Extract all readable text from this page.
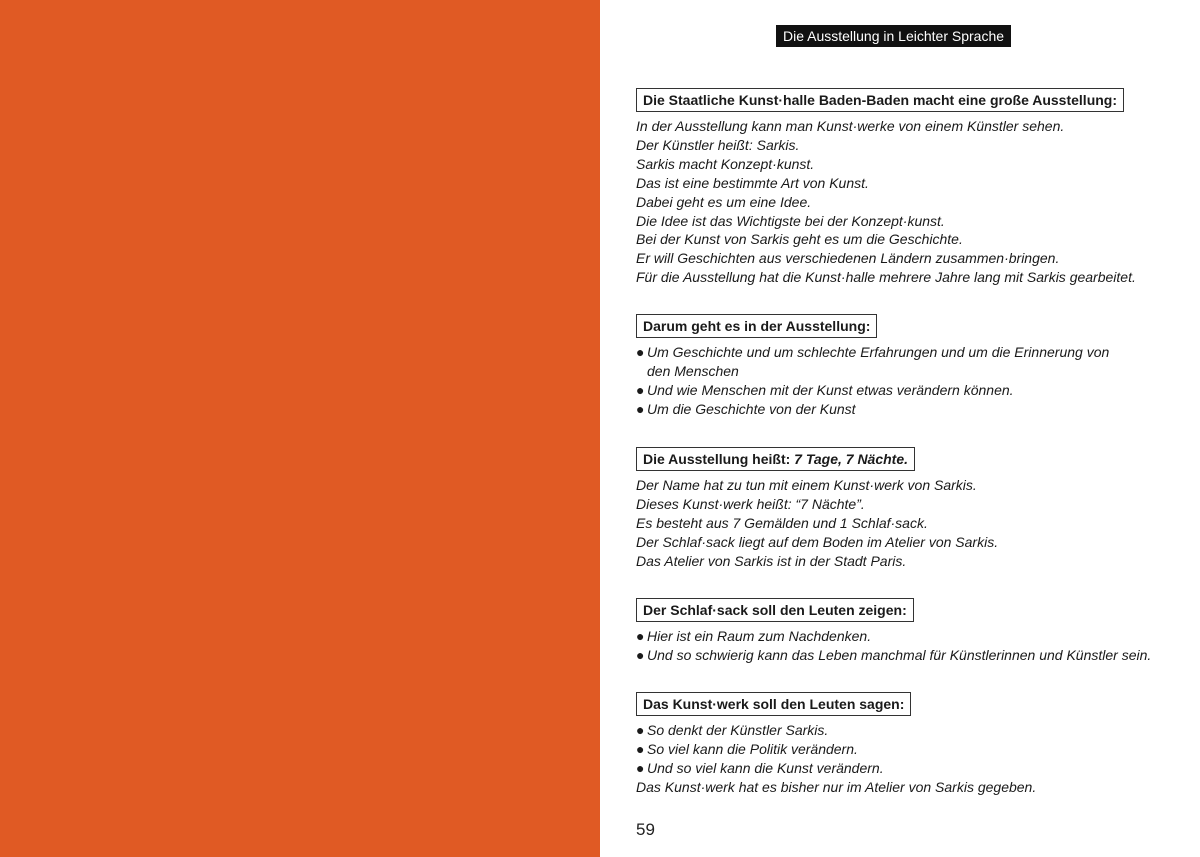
Die Ausstellung in Leichter Sprache
Die Staatliche Kunst·halle Baden-Baden macht eine große Ausstellung:
In der Ausstellung kann man Kunst·werke von einem Künstler sehen.
Der Künstler heißt: Sarkis.
Sarkis macht Konzept·kunst.
Das ist eine bestimmte Art von Kunst.
Dabei geht es um eine Idee.
Die Idee ist das Wichtigste bei der Konzept·kunst.
Bei der Kunst von Sarkis geht es um die Geschichte.
Er will Geschichten aus verschiedenen Ländern zusammen·bringen.
Für die Ausstellung hat die Kunst·halle mehrere Jahre lang mit Sarkis gearbeitet.
Darum geht es in der Ausstellung:
● Um Geschichte und um schlechte Erfahrungen und um die Erinnerung von
den Menschen
● Und wie Menschen mit der Kunst etwas verändern können.
● Um die Geschichte von der Kunst
Die Ausstellung heißt: 7 Tage, 7 Nächte.
Der Name hat zu tun mit einem Kunst·werk von Sarkis.
Dieses Kunst·werk heißt: “7 Nächte”.
Es besteht aus 7 Gemälden und 1 Schlaf·sack.
Der Schlaf·sack liegt auf dem Boden im Atelier von Sarkis.
Das Atelier von Sarkis ist in der Stadt Paris.
Der Schlaf·sack soll den Leuten zeigen:
● Hier ist ein Raum zum Nachdenken.
● Und so schwierig kann das Leben manchmal für Künstlerinnen und Künstler sein.
Das Kunst·werk soll den Leuten sagen:
● So denkt der Künstler Sarkis.
● So viel kann die Politik verändern.
● Und so viel kann die Kunst verändern.
Das Kunst·werk hat es bisher nur im Atelier von Sarkis gegeben.
59
